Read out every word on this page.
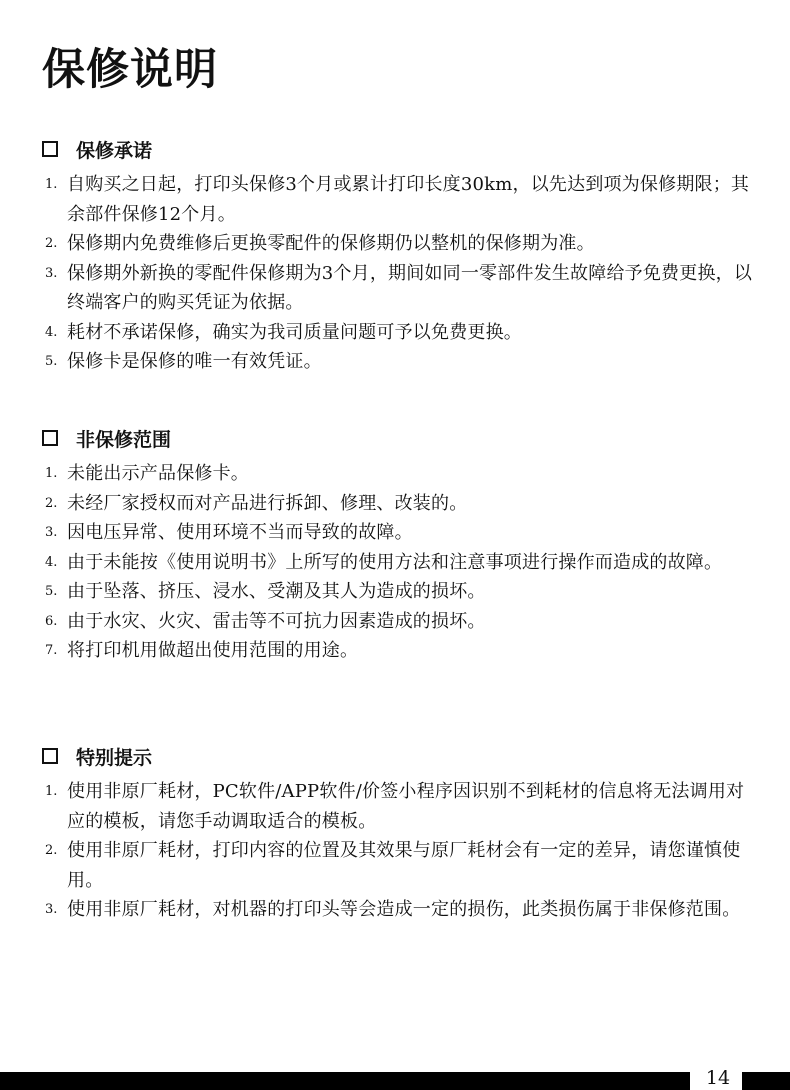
保修说明
保修承诺
1. 自购买之日起，打印头保修3个月或累计打印长度30km，以先达到项为保修期限；其余部件保修12个月。
2. 保修期内免费维修后更换零配件的保修期仍以整机的保修期为准。
3. 保修期外新换的零配件保修期为3个月，期间如同一零部件发生故障给予免费更换，以终端客户的购买凭证为依据。
4. 耗材不承诺保修，确实为我司质量问题可予以免费更换。
5. 保修卡是保修的唯一有效凭证。
非保修范围
1. 未能出示产品保修卡。
2. 未经厂家授权而对产品进行拆卸、修理、改装的。
3. 因电压异常、使用环境不当而导致的故障。
4. 由于未能按《使用说明书》上所写的使用方法和注意事项进行操作而造成的故障。
5. 由于坠落、挤压、浸水、受潮及其人为造成的损坏。
6. 由于水灾、火灾、雷击等不可抗力因素造成的损坏。
7. 将打印机用做超出使用范围的用途。
特别提示
1. 使用非原厂耗材，PC软件/APP软件/价签小程序因识别不到耗材的信息将无法调用对应的模板，请您手动调取适合的模板。
2. 使用非原厂耗材，打印内容的位置及其效果与原厂耗材会有一定的差异，请您谨慎使用。
3. 使用非原厂耗材，对机器的打印头等会造成一定的损伤，此类损伤属于非保修范围。
14
